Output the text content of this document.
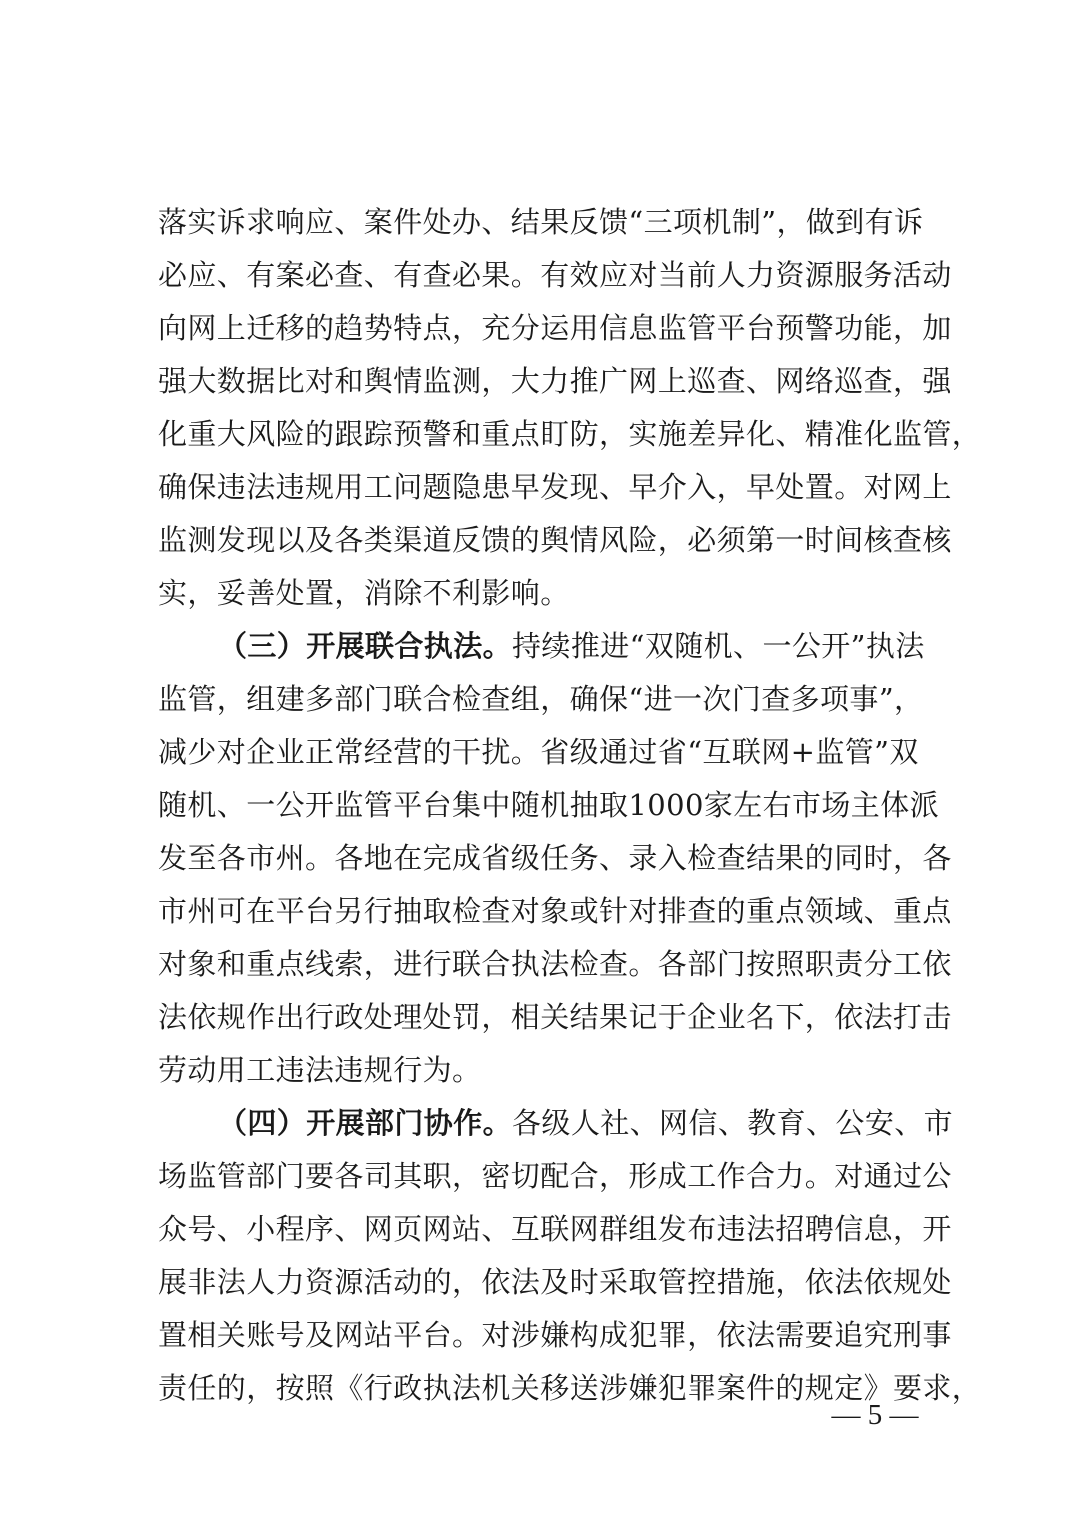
落实诉求响应、案件处办、结果反馈“三项机制”，做到有诉
必应、有案必查、有查必果。有效应对当前人力资源服务活动
向网上迁移的趋势特点，充分运用信息监管平台预警功能，加
强大数据比对和舆情监测，大力推广网上巡查、网络巡查，强
化重大风险的跟踪预警和重点盯防，实施差异化、精准化监管，
确保违法违规用工问题隐患早发现、早介入，早处置。对网上
监测发现以及各类渠道反馈的舆情风险，必须第一时间核查核
实，妥善处置，消除不利影响。
（三）开展联合执法。持续推进“双随机、一公开”执法
监管，组建多部门联合检查组，确保“进一次门查多项事”，
减少对企业正常经营的干扰。省级通过省“互联网+监管”双
随机、一公开监管平台集中随机抽取1000家左右市场主体派
发至各市州。各地在完成省级任务、录入检查结果的同时，各
市州可在平台另行抽取检查对象或针对排查的重点领域、重点
对象和重点线索，进行联合执法检查。各部门按照职责分工依
法依规作出行政处理处罚，相关结果记于企业名下，依法打击
劳动用工违法违规行为。
（四）开展部门协作。各级人社、网信、教育、公安、市
场监管部门要各司其职，密切配合，形成工作合力。对通过公
众号、小程序、网页网站、互联网群组发布违法招聘信息，开
展非法人力资源活动的，依法及时采取管控措施，依法依规处
置相关账号及网站平台。对涉嫌构成犯罪，依法需要追究刑事
责任的，按照《行政执法机关移送涉嫌犯罪案件的规定》要求，
— 5 —
